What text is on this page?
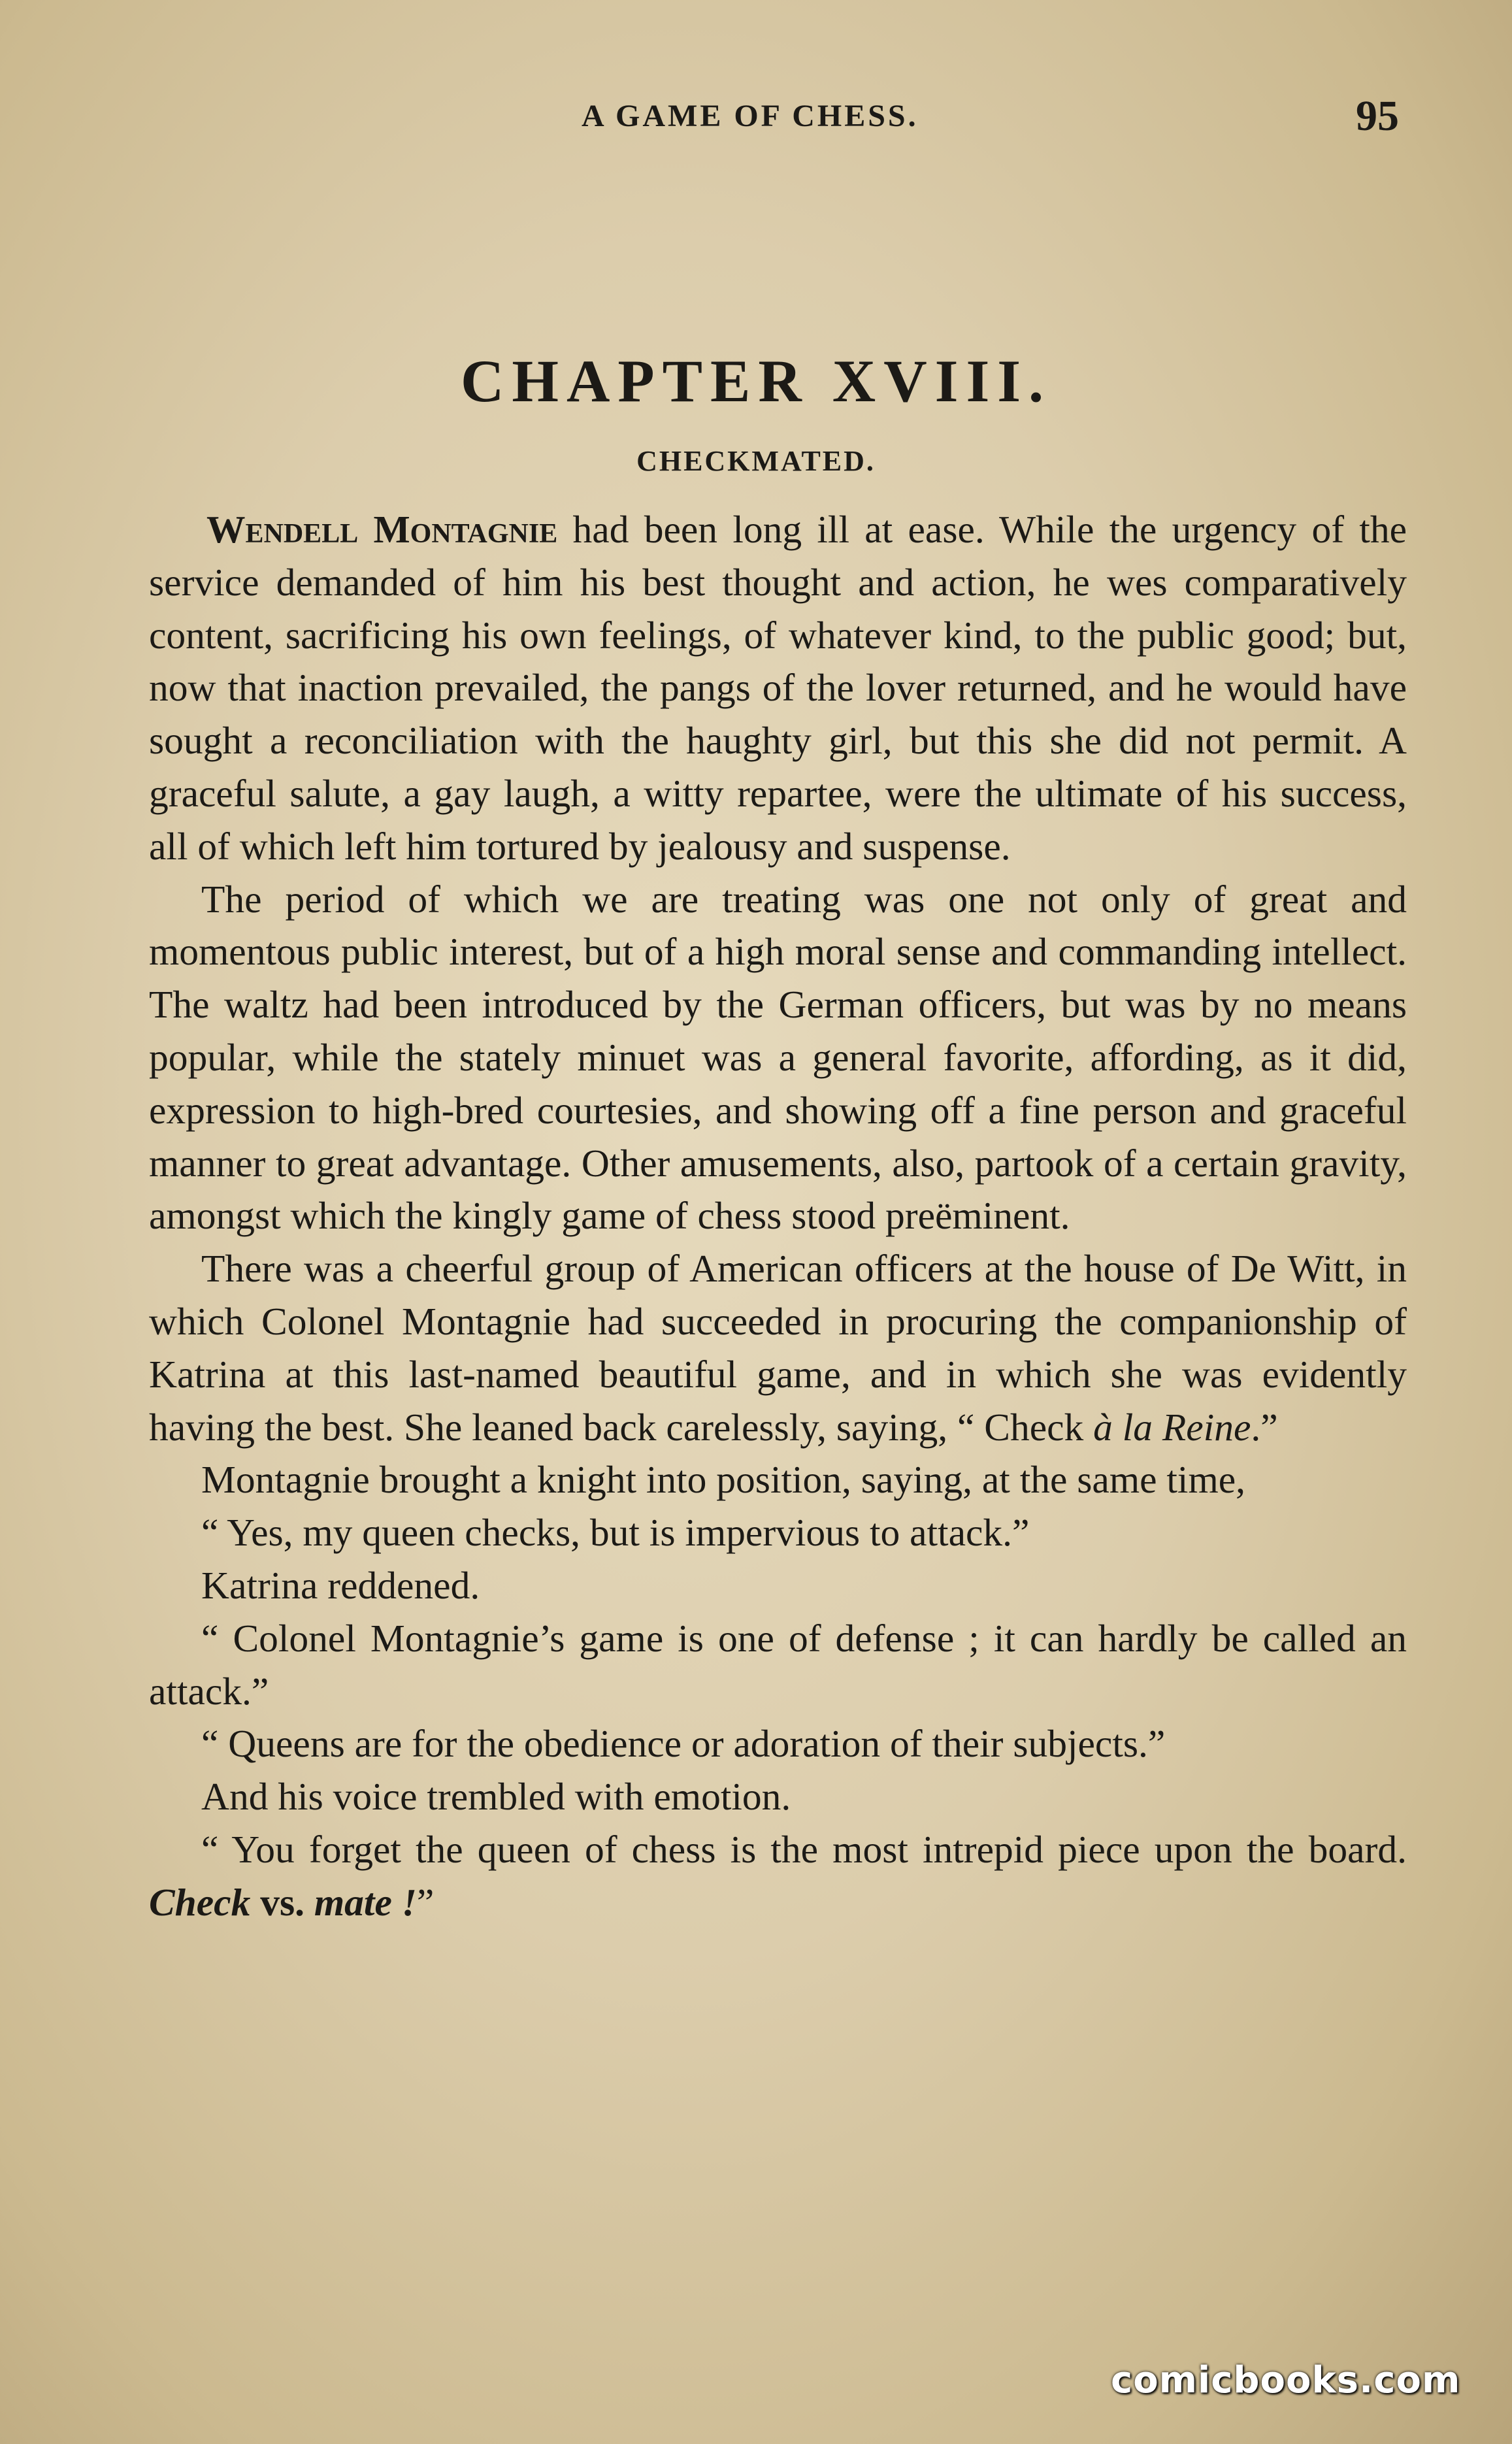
A GAME OF CHESS.	95
CHAPTER XVIII.
CHECKMATED.

Wendell Montagnie had been long ill at ease. While the urgency of the service demanded of him his best thought and action, he wes comparatively content, sacrificing his own feelings, of whatever kind, to the public good; but, now that inaction prevailed, the pangs of the lover returned, and he would have sought a reconciliation with the haughty girl, but this she did not permit. A graceful salute, a gay laugh, a witty repartee, were the ultimate of his success, all of which left him tortured by jealousy and suspense.

The period of which we are treating was one not only of great and momentous public interest, but of a high moral sense and commanding intellect. The waltz had been introduced by the German officers, but was by no means popular, while the stately minuet was a general favorite, affording, as it did, expression to high-bred courtesies, and showing off a fine person and graceful manner to great advantage. Other amusements, also, partook of a certain gravity, amongst which the kingly game of chess stood preëminent.

There was a cheerful group of American officers at the house of De Witt, in which Colonel Montagnie had succeeded in procuring the companionship of Katrina at this last-named beautiful game, and in which she was evidently having the best. She leaned back carelessly, saying, “ Check à la Reine.”

Montagnie brought a knight into position, saying, at the same time,

“ Yes, my queen checks, but is impervious to attack.”

Katrina reddened.

“ Colonel Montagnie’s game is one of defense ; it can hardly be called an attack.”

“ Queens are for the obedience or adoration of their subjects.”

And his voice trembled with emotion.

“ You forget the queen of chess is the most intrepid piece upon the board. Check vs. mate !”

comicbooks.com
